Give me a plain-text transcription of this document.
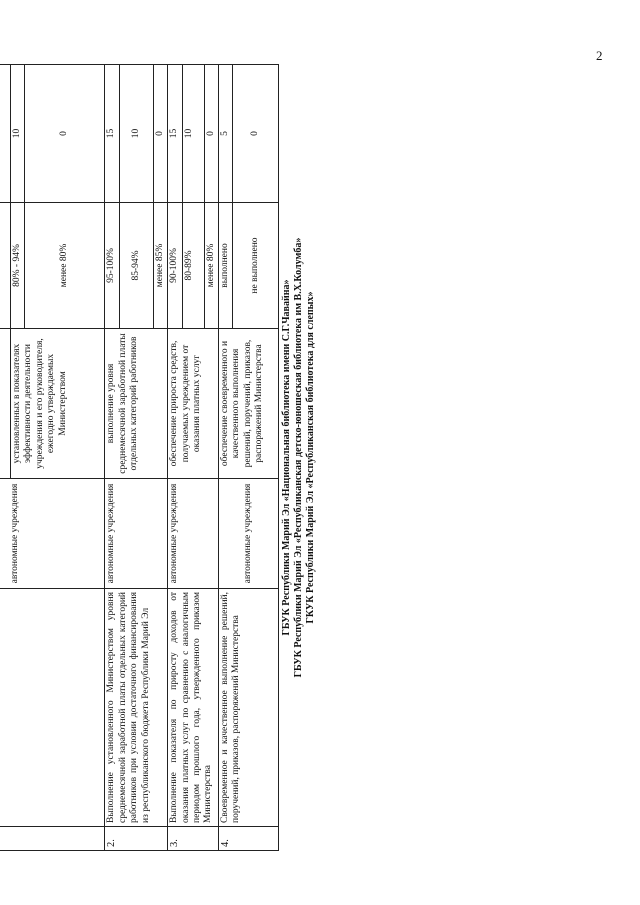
2

		автономные учреждения			
			установленных в показателях эффективности деятельности учреждения и его руководителя, ежегодно утверждаемых Министерством	80% - 94%	10
				менее 80%	0
2.	Выполнение установленного Министерством уровня среднемесячной заработной платы отдельных категорий работников при условии достаточного финансирования из республиканского бюджета Республики Марий Эл	автономные учреждения	выполнение уровня среднемесячной заработной платы отдельных категорий работников	95-100%	15
				85-94%	10
				менее 85%	0
3.	Выполнение показателя по приросту доходов от оказания платных услуг по сравнению с аналогичным периодом прошлого года, утвержденного приказом Министерства	автономные учреждения	обеспечение прироста средств, получаемых учреждением от оказания платных услуг	90-100%	15
				80-89%	10
				менее 80%	0
4.	Своевременное и качественное выполнение решений, поручений, приказов, распоряжений Министерства	автономные учреждения	обеспечение своевременного и качественного выполнения решений, поручений, приказов, распоряжений Министерства	выполнено	5
				не выполнено	0

ГБУК Республики Марий Эл «Национальная библиотека имени С.Г.Чавайна» ГБУК Республики Марий Эл «Республиканская детско-юношеская библиотека им В.Х.Колумба» ГКУК Республики Марий Эл «Республиканская библиотека для слепых»					
